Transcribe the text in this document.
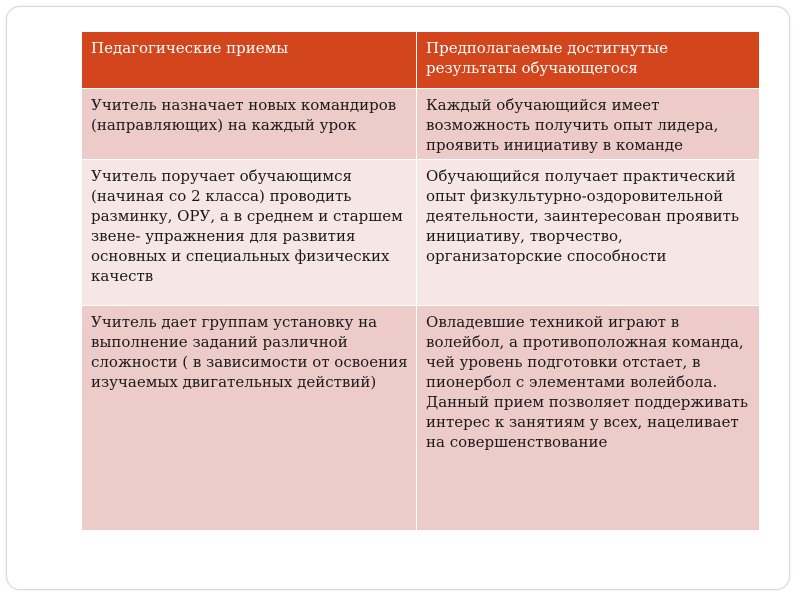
Педагогические приемы	Предполагаемые достигнутые результаты обучающегося

Учитель назначает новых командиров (направляющих) на каждый урок	Каждый обучающийся имеет возможность получить опыт лидера, проявить инициативу в команде

Учитель поручает обучающимся (начиная со 2 класса) проводить разминку, ОРУ, а в среднем и старшем звене- упражнения для развития основных и специальных физических качеств	Обучающийся получает практический опыт физкультурно-оздоровительной деятельности, заинтересован проявить инициативу, творчество, организаторские способности

Учитель дает группам установку на выполнение заданий различной сложности ( в зависимости от освоения изучаемых двигательных действий)	Овладевшие техникой играют в волейбол, а противоположная команда, чей уровень подготовки отстает, в пионербол с элементами волейбола. Данный прием позволяет поддерживать интерес к занятиям у всех, нацеливает на совершенствование
